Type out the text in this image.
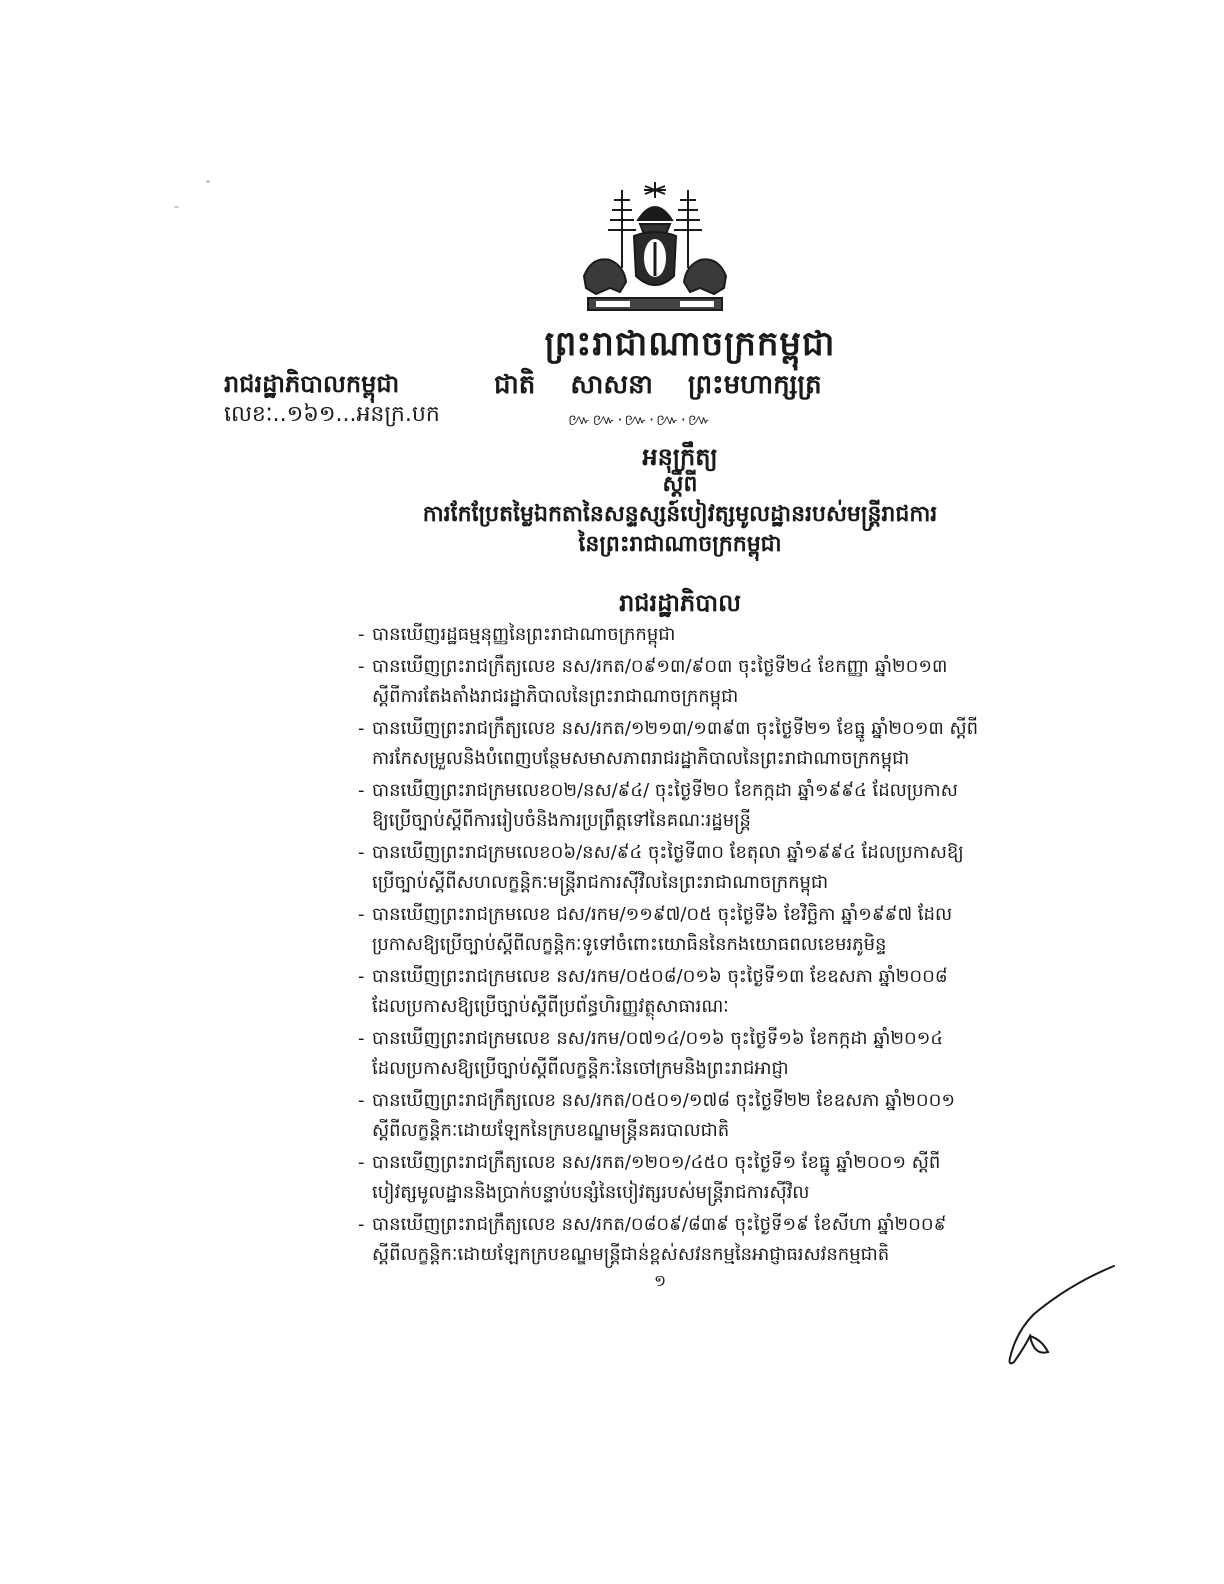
ព្រះរាជាណាចក្រកម្ពុជា
រាជរដ្ឋាភិបាលកម្ពុជា	ជាតិ សាសនា ព្រះមហាក្សត្រ
លេខៈ..១៦១...អនក្រ.បក	៚៚·៚·៚·៚
អនុក្រឹត្យ
ស្តីពី
ការកែប្រែតម្លៃឯកតានៃសន្ទស្សន៍បៀវត្សមូលដ្ឋានរបស់មន្ត្រីរាជការ
នៃព្រះរាជាណាចក្រកម្ពុជា
រាជរដ្ឋាភិបាល
- បានឃើញរដ្ឋធម្មនុញ្ញនៃព្រះរាជាណាចក្រកម្ពុជា
- បានឃើញព្រះរាជក្រឹត្យលេខ នស/រកត/០៩១៣/៩០៣ ចុះថ្ងៃទី២៤ ខែកញ្ញា ឆ្នាំ២០១៣
ស្តីពីការតែងតាំងរាជរដ្ឋាភិបាលនៃព្រះរាជាណាចក្រកម្ពុជា
- បានឃើញព្រះរាជក្រឹត្យលេខ នស/រកត/១២១៣/១៣៩៣ ចុះថ្ងៃទី២១ ខែធ្នូ ឆ្នាំ២០១៣ ស្តីពី
ការកែសម្រួលនិងបំពេញបន្ថែមសមាសភាពរាជរដ្ឋាភិបាលនៃព្រះរាជាណាចក្រកម្ពុជា
- បានឃើញព្រះរាជក្រមលេខ០២/នស/៩៤/ ចុះថ្ងៃទី២០ ខែកក្កដា ឆ្នាំ១៩៩៤ ដែលប្រកាស
ឱ្យប្រើច្បាប់ស្តីពីការរៀបចំនិងការប្រព្រឹត្តទៅនៃគណៈរដ្ឋមន្ត្រី
- បានឃើញព្រះរាជក្រមលេខ០៦/នស/៩៤ ចុះថ្ងៃទី៣០ ខែតុលា ឆ្នាំ១៩៩៤ ដែលប្រកាសឱ្យ
ប្រើច្បាប់ស្តីពីសហលក្ខន្តិកៈមន្ត្រីរាជការស៊ីវិលនៃព្រះរាជាណាចក្រកម្ពុជា
- បានឃើញព្រះរាជក្រមលេខ ជស/រកម/១១៩៧/០៥ ចុះថ្ងៃទី៦ ខែវិច្ឆិកា ឆ្នាំ១៩៩៧ ដែល
ប្រកាសឱ្យប្រើច្បាប់ស្តីពីលក្ខន្តិកៈទូទៅចំពោះយោធិននៃកងយោធពលខេមរភូមិន្ទ
- បានឃើញព្រះរាជក្រមលេខ នស/រកម/០៥០៨/០១៦ ចុះថ្ងៃទី១៣ ខែឧសភា ឆ្នាំ២០០៨
ដែលប្រកាសឱ្យប្រើច្បាប់ស្តីពីប្រព័ន្ធហិរញ្ញវត្ថុសាធារណៈ
- បានឃើញព្រះរាជក្រមលេខ នស/រកម/០៧១៤/០១៦ ចុះថ្ងៃទី១៦ ខែកក្កដា ឆ្នាំ២០១៤
ដែលប្រកាសឱ្យប្រើច្បាប់ស្តីពីលក្ខន្តិកៈនៃចៅក្រមនិងព្រះរាជអាជ្ញា
- បានឃើញព្រះរាជក្រឹត្យលេខ នស/រកត/០៥០១/១៧៨ ចុះថ្ងៃទី២២ ខែឧសភា ឆ្នាំ២០០១
ស្តីពីលក្ខន្តិកៈដោយឡែកនៃក្របខណ្ឌមន្ត្រីនគរបាលជាតិ
- បានឃើញព្រះរាជក្រឹត្យលេខ នស/រកត/១២០១/៤៥០ ចុះថ្ងៃទី១ ខែធ្នូ ឆ្នាំ២០០១ ស្តីពី
បៀវត្សមូលដ្ឋាននិងប្រាក់បន្ទាប់បន្សំនៃបៀវត្សរបស់មន្ត្រីរាជការស៊ីវិល
- បានឃើញព្រះរាជក្រឹត្យលេខ នស/រកត/០៨០៩/៨៣៩ ចុះថ្ងៃទី១៩ ខែសីហា ឆ្នាំ២០០៩
ស្តីពីលក្ខន្តិកៈដោយឡែកក្របខណ្ឌមន្ត្រីជាន់ខ្ពស់សវនកម្មនៃអាជ្ញាធរសវនកម្មជាតិ
១
